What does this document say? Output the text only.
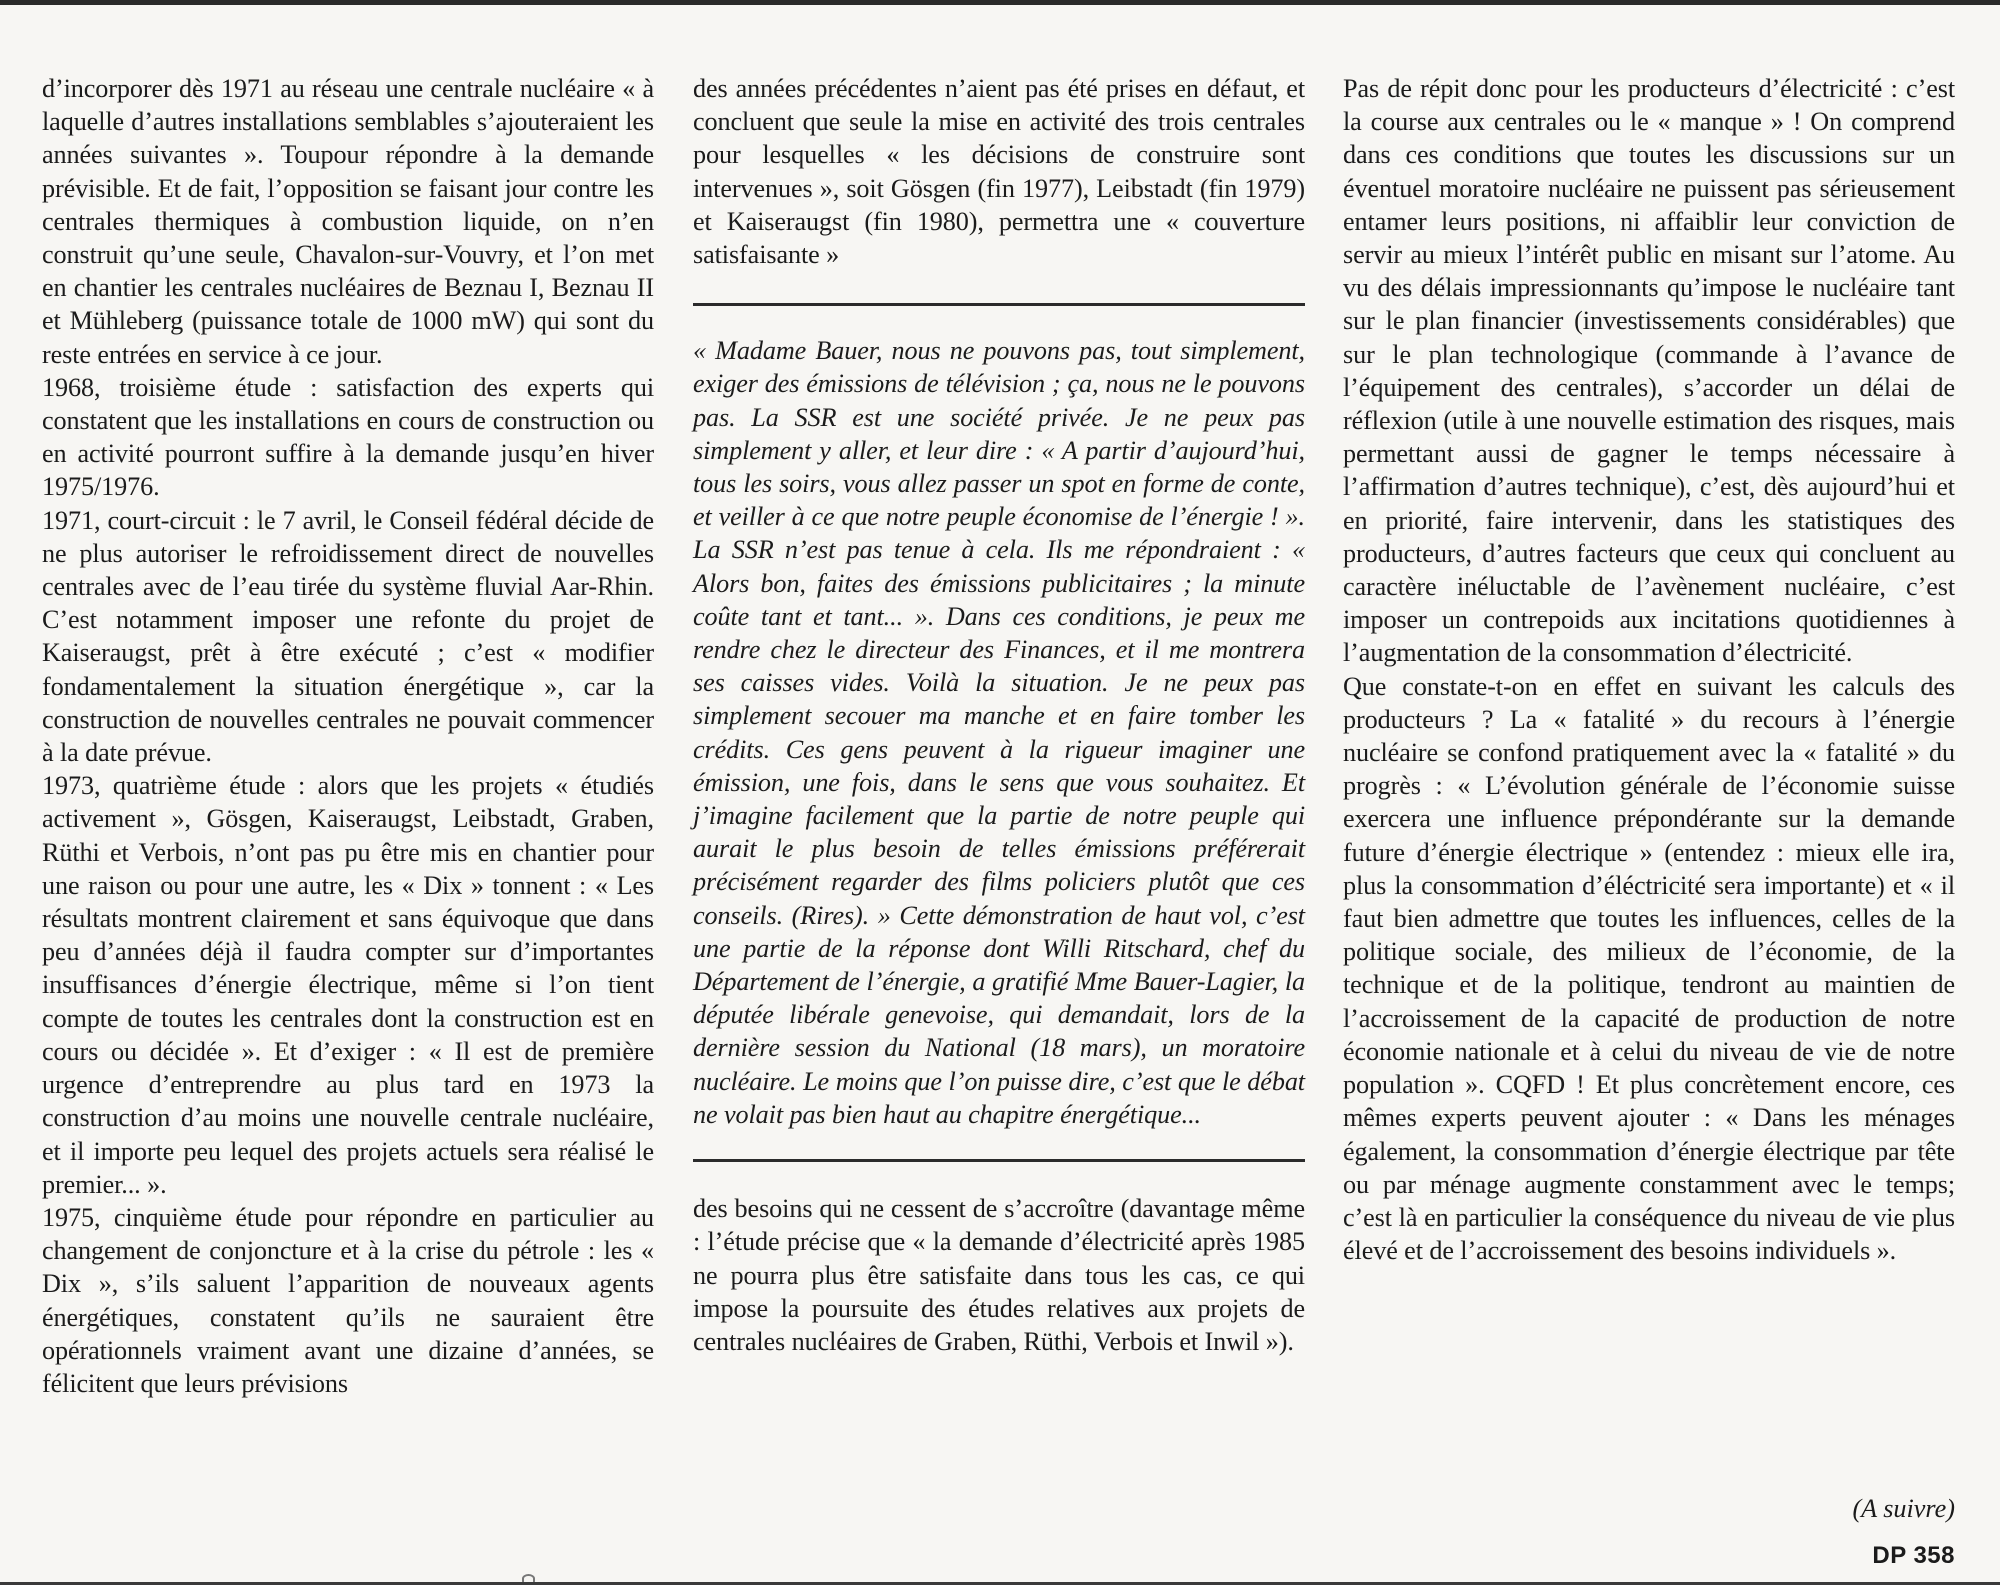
d’incorporer dès 1971 au réseau une centrale nucléaire « à laquelle d’autres installations semblables s’ajouteraient les années suivantes ». Toupour répondre à la demande prévisible. Et de fait, l’opposition se faisant jour contre les centrales thermiques à combustion liquide, on n’en construit qu’une seule, Chavalon-sur-Vouvry, et l’on met en chantier les centrales nucléaires de Beznau I, Beznau II et Mühleberg (puissance totale de 1000 mW) qui sont du reste entrées en service à ce jour.

1968, troisième étude : satisfaction des experts qui constatent que les installations en cours de construction ou en activité pourront suffire à la demande jusqu’en hiver 1975/1976.

1971, court-circuit : le 7 avril, le Conseil fédéral décide de ne plus autoriser le refroidissement direct de nouvelles centrales avec de l’eau tirée du système fluvial Aar-Rhin. C’est notamment imposer une refonte du projet de Kaiseraugst, prêt à être exécuté ; c’est « modifier fondamentalement la situation énergétique », car la construction de nouvelles centrales ne pouvait commencer à la date prévue.

1973, quatrième étude : alors que les projets « étudiés activement », Gösgen, Kaiseraugst, Leibstadt, Graben, Rüthi et Verbois, n’ont pas pu être mis en chantier pour une raison ou pour une autre, les « Dix » tonnent : « Les résultats montrent clairement et sans équivoque que dans peu d’années déjà il faudra compter sur d’importantes insuffisances d’énergie électrique, même si l’on tient compte de toutes les centrales dont la construction est en cours ou décidée ». Et d’exiger : « Il est de première urgence d’entreprendre au plus tard en 1973 la construction d’au moins une nouvelle centrale nucléaire, et il importe peu lequel des projets actuels sera réalisé le premier... ».

1975, cinquième étude pour répondre en particulier au changement de conjoncture et à la crise du pétrole : les « Dix », s’ils saluent l’apparition de nouveaux agents énergétiques, constatent qu’ils ne sauraient être opérationnels vraiment avant une dizaine d’années, se félicitent que leurs prévisions

des années précédentes n’aient pas été prises en défaut, et concluent que seule la mise en activité des trois centrales pour lesquelles « les décisions de construire sont intervenues », soit Gösgen (fin 1977), Leibstadt (fin 1979) et Kaiseraugst (fin 1980), permettra une « couverture satisfaisante »

« Madame Bauer, nous ne pouvons pas, tout simplement, exiger des émissions de télévision ; ça, nous ne le pouvons pas. La SSR est une société privée. Je ne peux pas simplement y aller, et leur dire : « A partir d’aujourd’hui, tous les soirs, vous allez passer un spot en forme de conte, et veiller à ce que notre peuple économise de l’énergie ! ». La SSR n’est pas tenue à cela. Ils me répondraient : « Alors bon, faites des émissions publicitaires ; la minute coûte tant et tant... ». Dans ces conditions, je peux me rendre chez le directeur des Finances, et il me montrera ses caisses vides. Voilà la situation. Je ne peux pas simplement secouer ma manche et en faire tomber les crédits. Ces gens peuvent à la rigueur imaginer une émission, une fois, dans le sens que vous souhaitez. Et j’imagine facilement que la partie de notre peuple qui aurait le plus besoin de telles émissions préférerait précisément regarder des films policiers plutôt que ces conseils. (Rires). » Cette démonstration de haut vol, c’est une partie de la réponse dont Willi Ritschard, chef du Département de l’énergie, a gratifié Mme Bauer-Lagier, la députée libérale genevoise, qui demandait, lors de la dernière session du National (18 mars), un moratoire nucléaire. Le moins que l’on puisse dire, c’est que le débat ne volait pas bien haut au chapitre énergétique...

des besoins qui ne cessent de s’accroître (davantage même : l’étude précise que « la demande d’électricité après 1985 ne pourra plus être satisfaite dans tous les cas, ce qui impose la poursuite des études relatives aux projets de centrales nucléaires de Graben, Rüthi, Verbois et Inwil »).

Pas de répit donc pour les producteurs d’électricité : c’est la course aux centrales ou le « manque » ! On comprend dans ces conditions que toutes les discussions sur un éventuel moratoire nucléaire ne puissent pas sérieusement entamer leurs positions, ni affaiblir leur conviction de servir au mieux l’intérêt public en misant sur l’atome. Au vu des délais impressionnants qu’impose le nucléaire tant sur le plan financier (investissements considérables) que sur le plan technologique (commande à l’avance de l’équipement des centrales), s’accorder un délai de réflexion (utile à une nouvelle estimation des risques, mais permettant aussi de gagner le temps nécessaire à l’affirmation d’autres technique), c’est, dès aujourd’hui et en priorité, faire intervenir, dans les statistiques des producteurs, d’autres facteurs que ceux qui concluent au caractère inéluctable de l’avènement nucléaire, c’est imposer un contrepoids aux incitations quotidiennes à l’augmentation de la consommation d’électricité.

Que constate-t-on en effet en suivant les calculs des producteurs ? La « fatalité » du recours à l’énergie nucléaire se confond pratiquement avec la « fatalité » du progrès : « L’évolution générale de l’économie suisse exercera une influence prépondérante sur la demande future d’énergie électrique » (entendez : mieux elle ira, plus la consommation d’éléctricité sera importante) et « il faut bien admettre que toutes les influences, celles de la politique sociale, des milieux de l’économie, de la technique et de la politique, tendront au maintien de l’accroissement de la capacité de production de notre économie nationale et à celui du niveau de vie de notre population ». CQFD ! Et plus concrètement encore, ces mêmes experts peuvent ajouter : « Dans les ménages également, la consommation d’énergie électrique par tête ou par ménage augmente constamment avec le temps; c’est là en particulier la conséquence du niveau de vie plus élevé et de l’accroissement des besoins individuels ».

(A suivre)
DP 358
